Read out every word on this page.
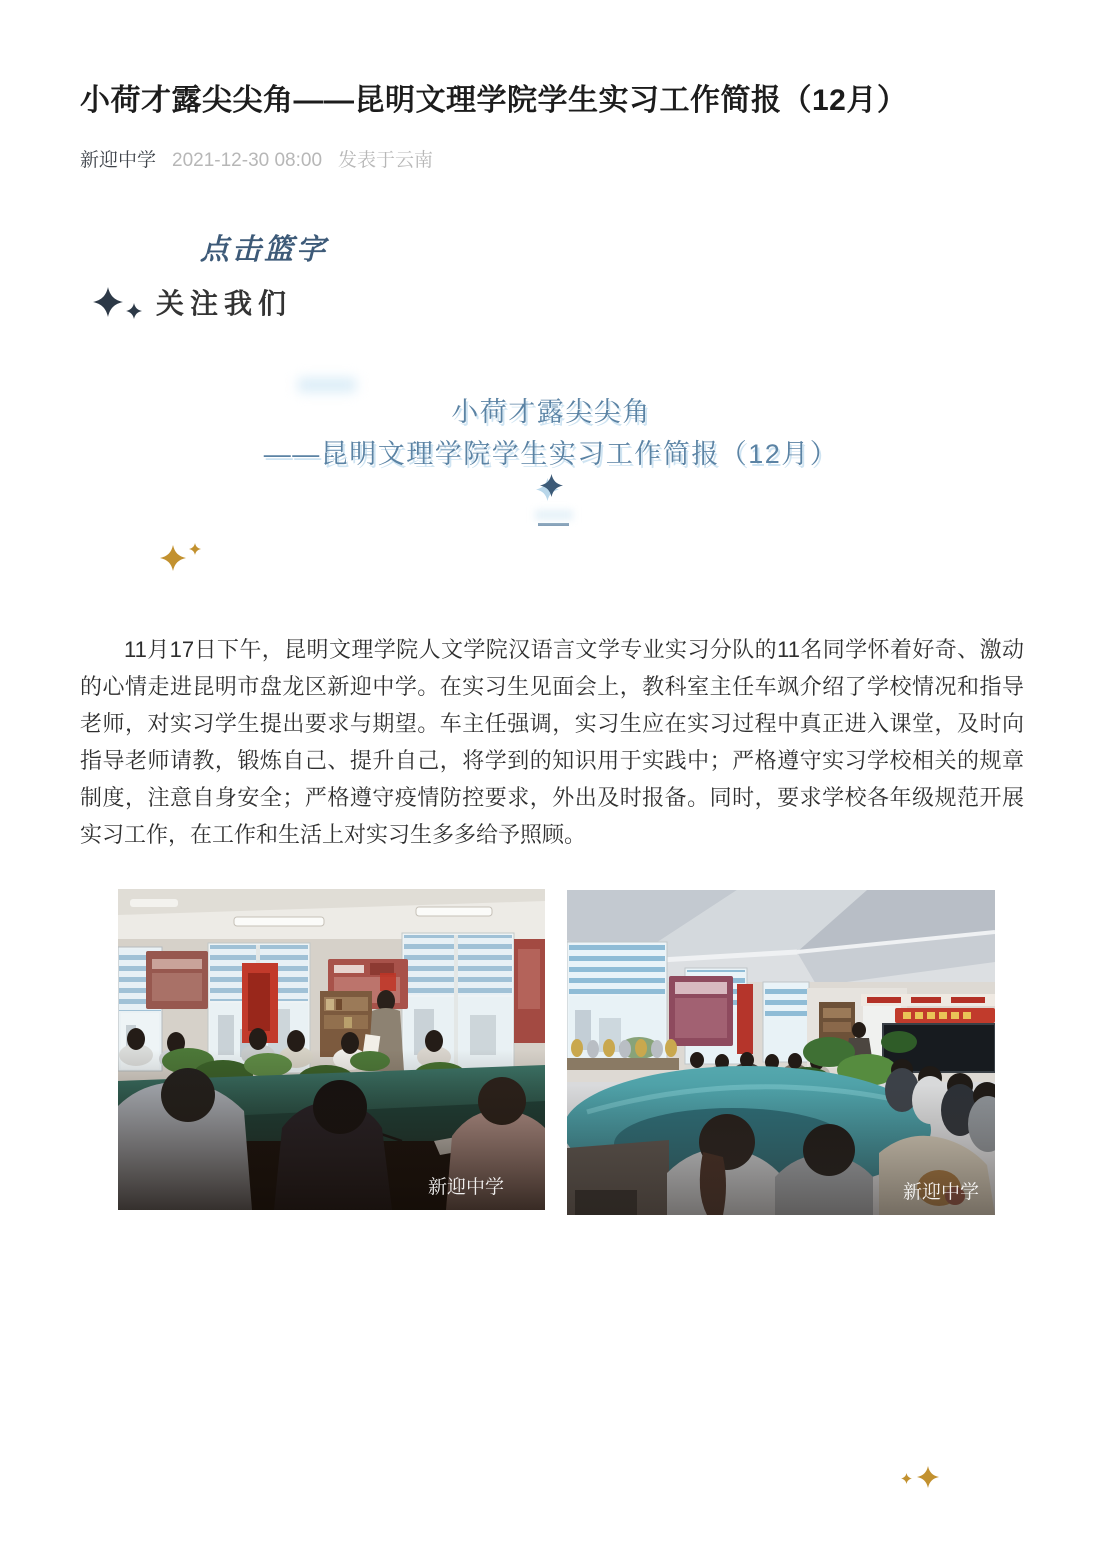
小荷才露尖尖角——昆明文理学院学生实习工作简报（12月）
新迎中学 2021-12-30 08:00 发表于云南
点击篮字
关注我们
小荷才露尖尖角
——昆明文理学院学生实习工作简报（12月）

11月17日下午，昆明文理学院人文学院汉语言文学专业实习分队的11名同学怀着好奇、激动的心情走进昆明市盘龙区新迎中学。在实习生见面会上，教科室主任车飒介绍了学校情况和指导老师，对实习学生提出要求与期望。车主任强调，实习生应在实习过程中真正进入课堂，及时向指导老师请教，锻炼自己、提升自己，将学到的知识用于实践中；严格遵守实习学校相关的规章制度，注意自身安全；严格遵守疫情防控要求，外出及时报备。同时，要求学校各年级规范开展实习工作，在工作和生活上对实习生多多给予照顾。

新迎中学	新迎中学
